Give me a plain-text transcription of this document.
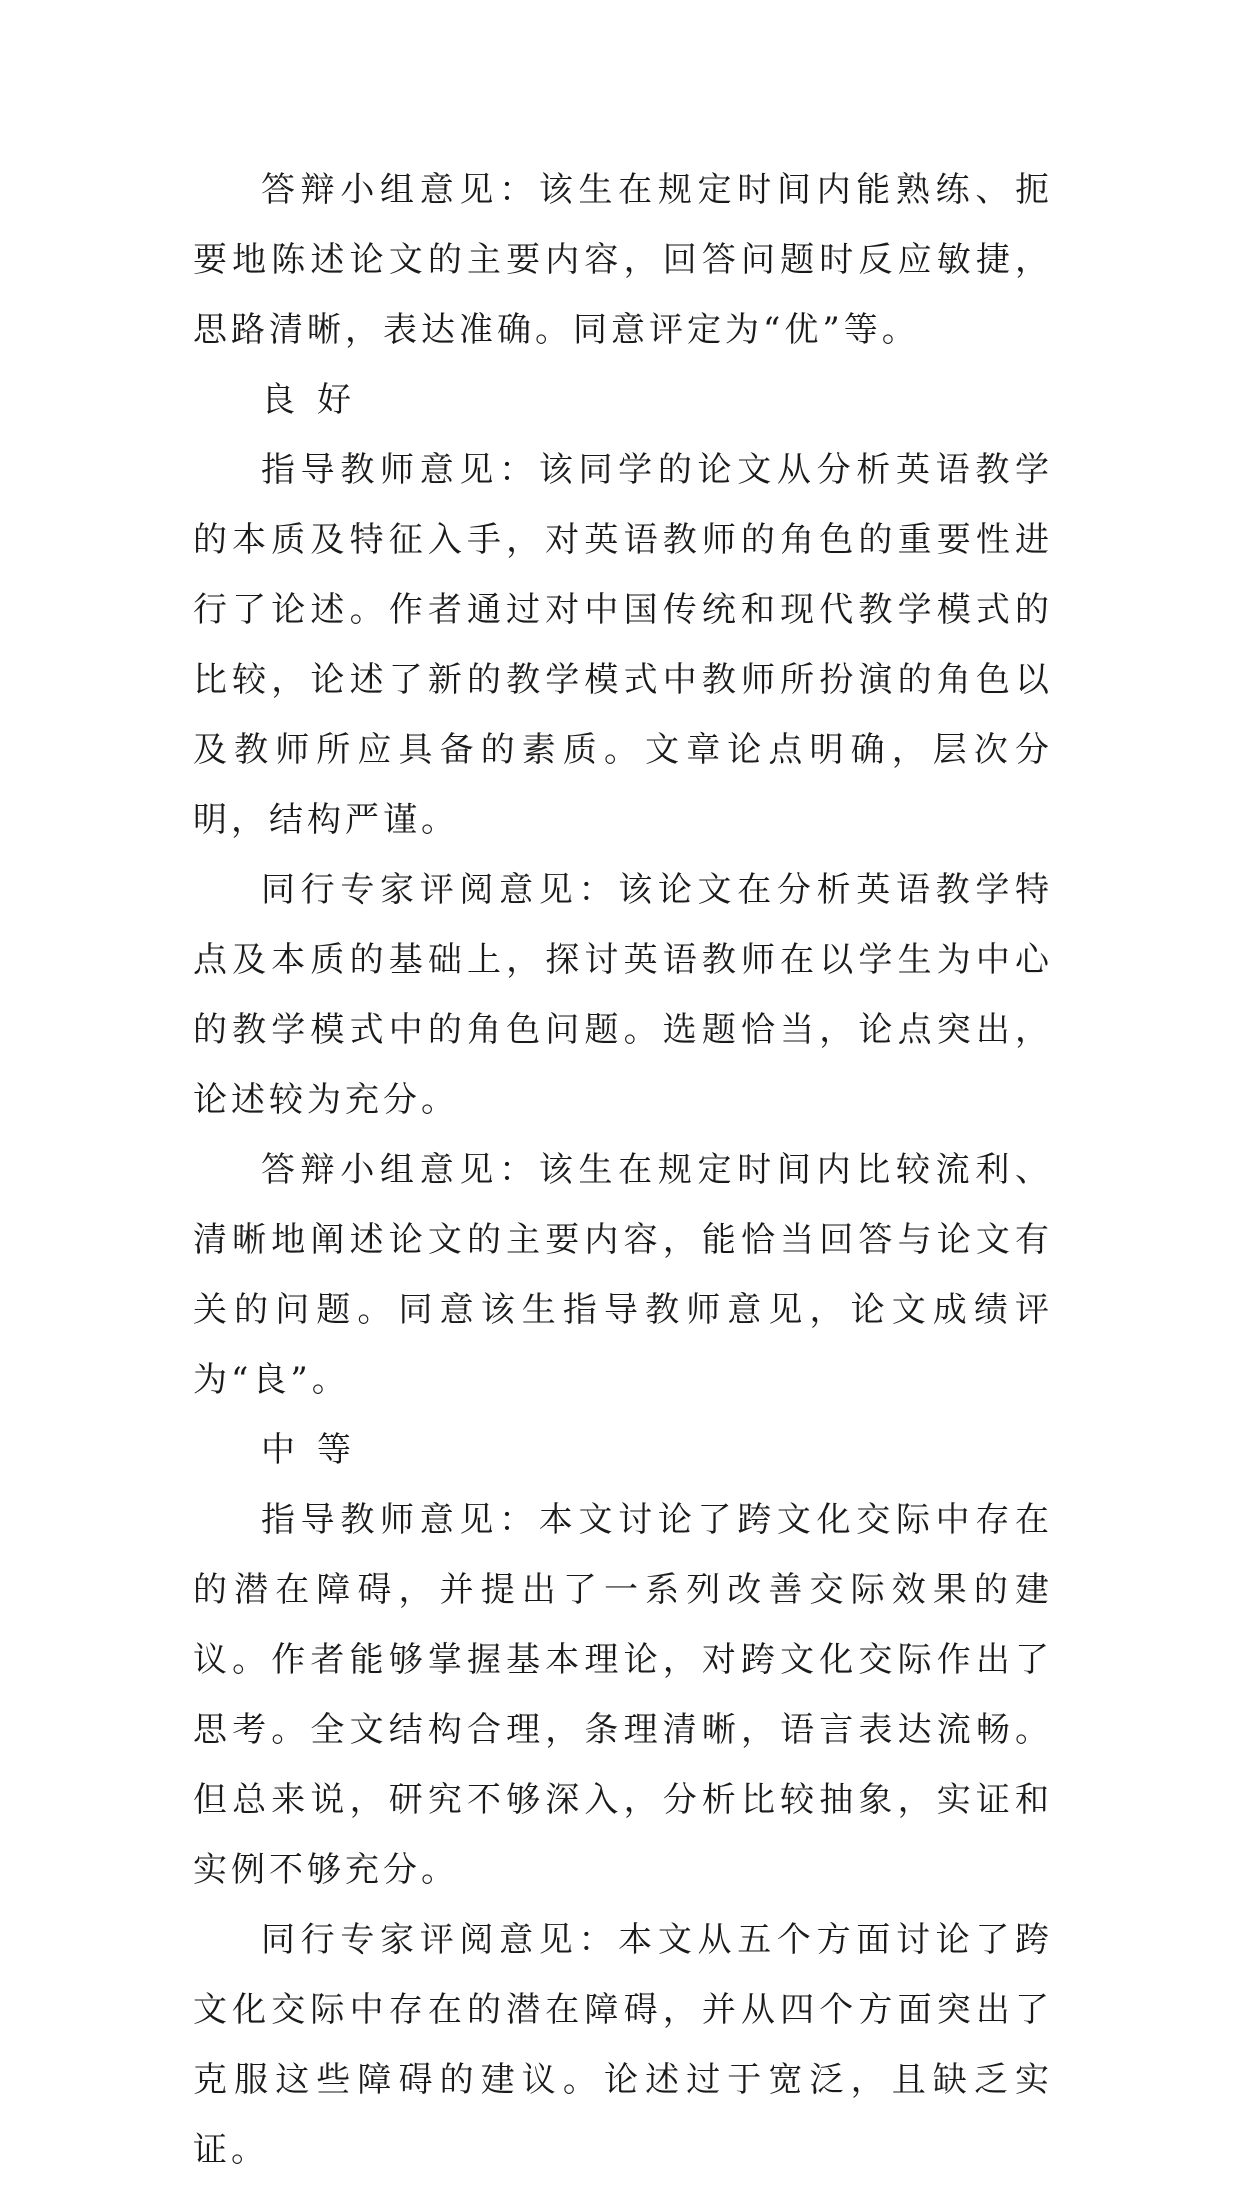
答辩小组意见：该生在规定时间内能熟练、扼要地陈述论文的主要内容，回答问题时反应敏捷，思路清晰，表达准确。同意评定为“优”等。

良好

指导教师意见：该同学的论文从分析英语教学的本质及特征入手，对英语教师的角色的重要性进行了论述。作者通过对中国传统和现代教学模式的比较，论述了新的教学模式中教师所扮演的角色以及教师所应具备的素质。文章论点明确，层次分明，结构严谨。

同行专家评阅意见：该论文在分析英语教学特点及本质的基础上，探讨英语教师在以学生为中心的教学模式中的角色问题。选题恰当，论点突出，论述较为充分。

答辩小组意见：该生在规定时间内比较流利、清晰地阐述论文的主要内容，能恰当回答与论文有关的问题。同意该生指导教师意见，论文成绩评为“良”。

中等

指导教师意见：本文讨论了跨文化交际中存在的潜在障碍，并提出了一系列改善交际效果的建议。作者能够掌握基本理论，对跨文化交际作出了思考。全文结构合理，条理清晰，语言表达流畅。但总来说，研究不够深入，分析比较抽象，实证和实例不够充分。

同行专家评阅意见：本文从五个方面讨论了跨文化交际中存在的潜在障碍，并从四个方面突出了克服这些障碍的建议。论述过于宽泛，且缺乏实证。
